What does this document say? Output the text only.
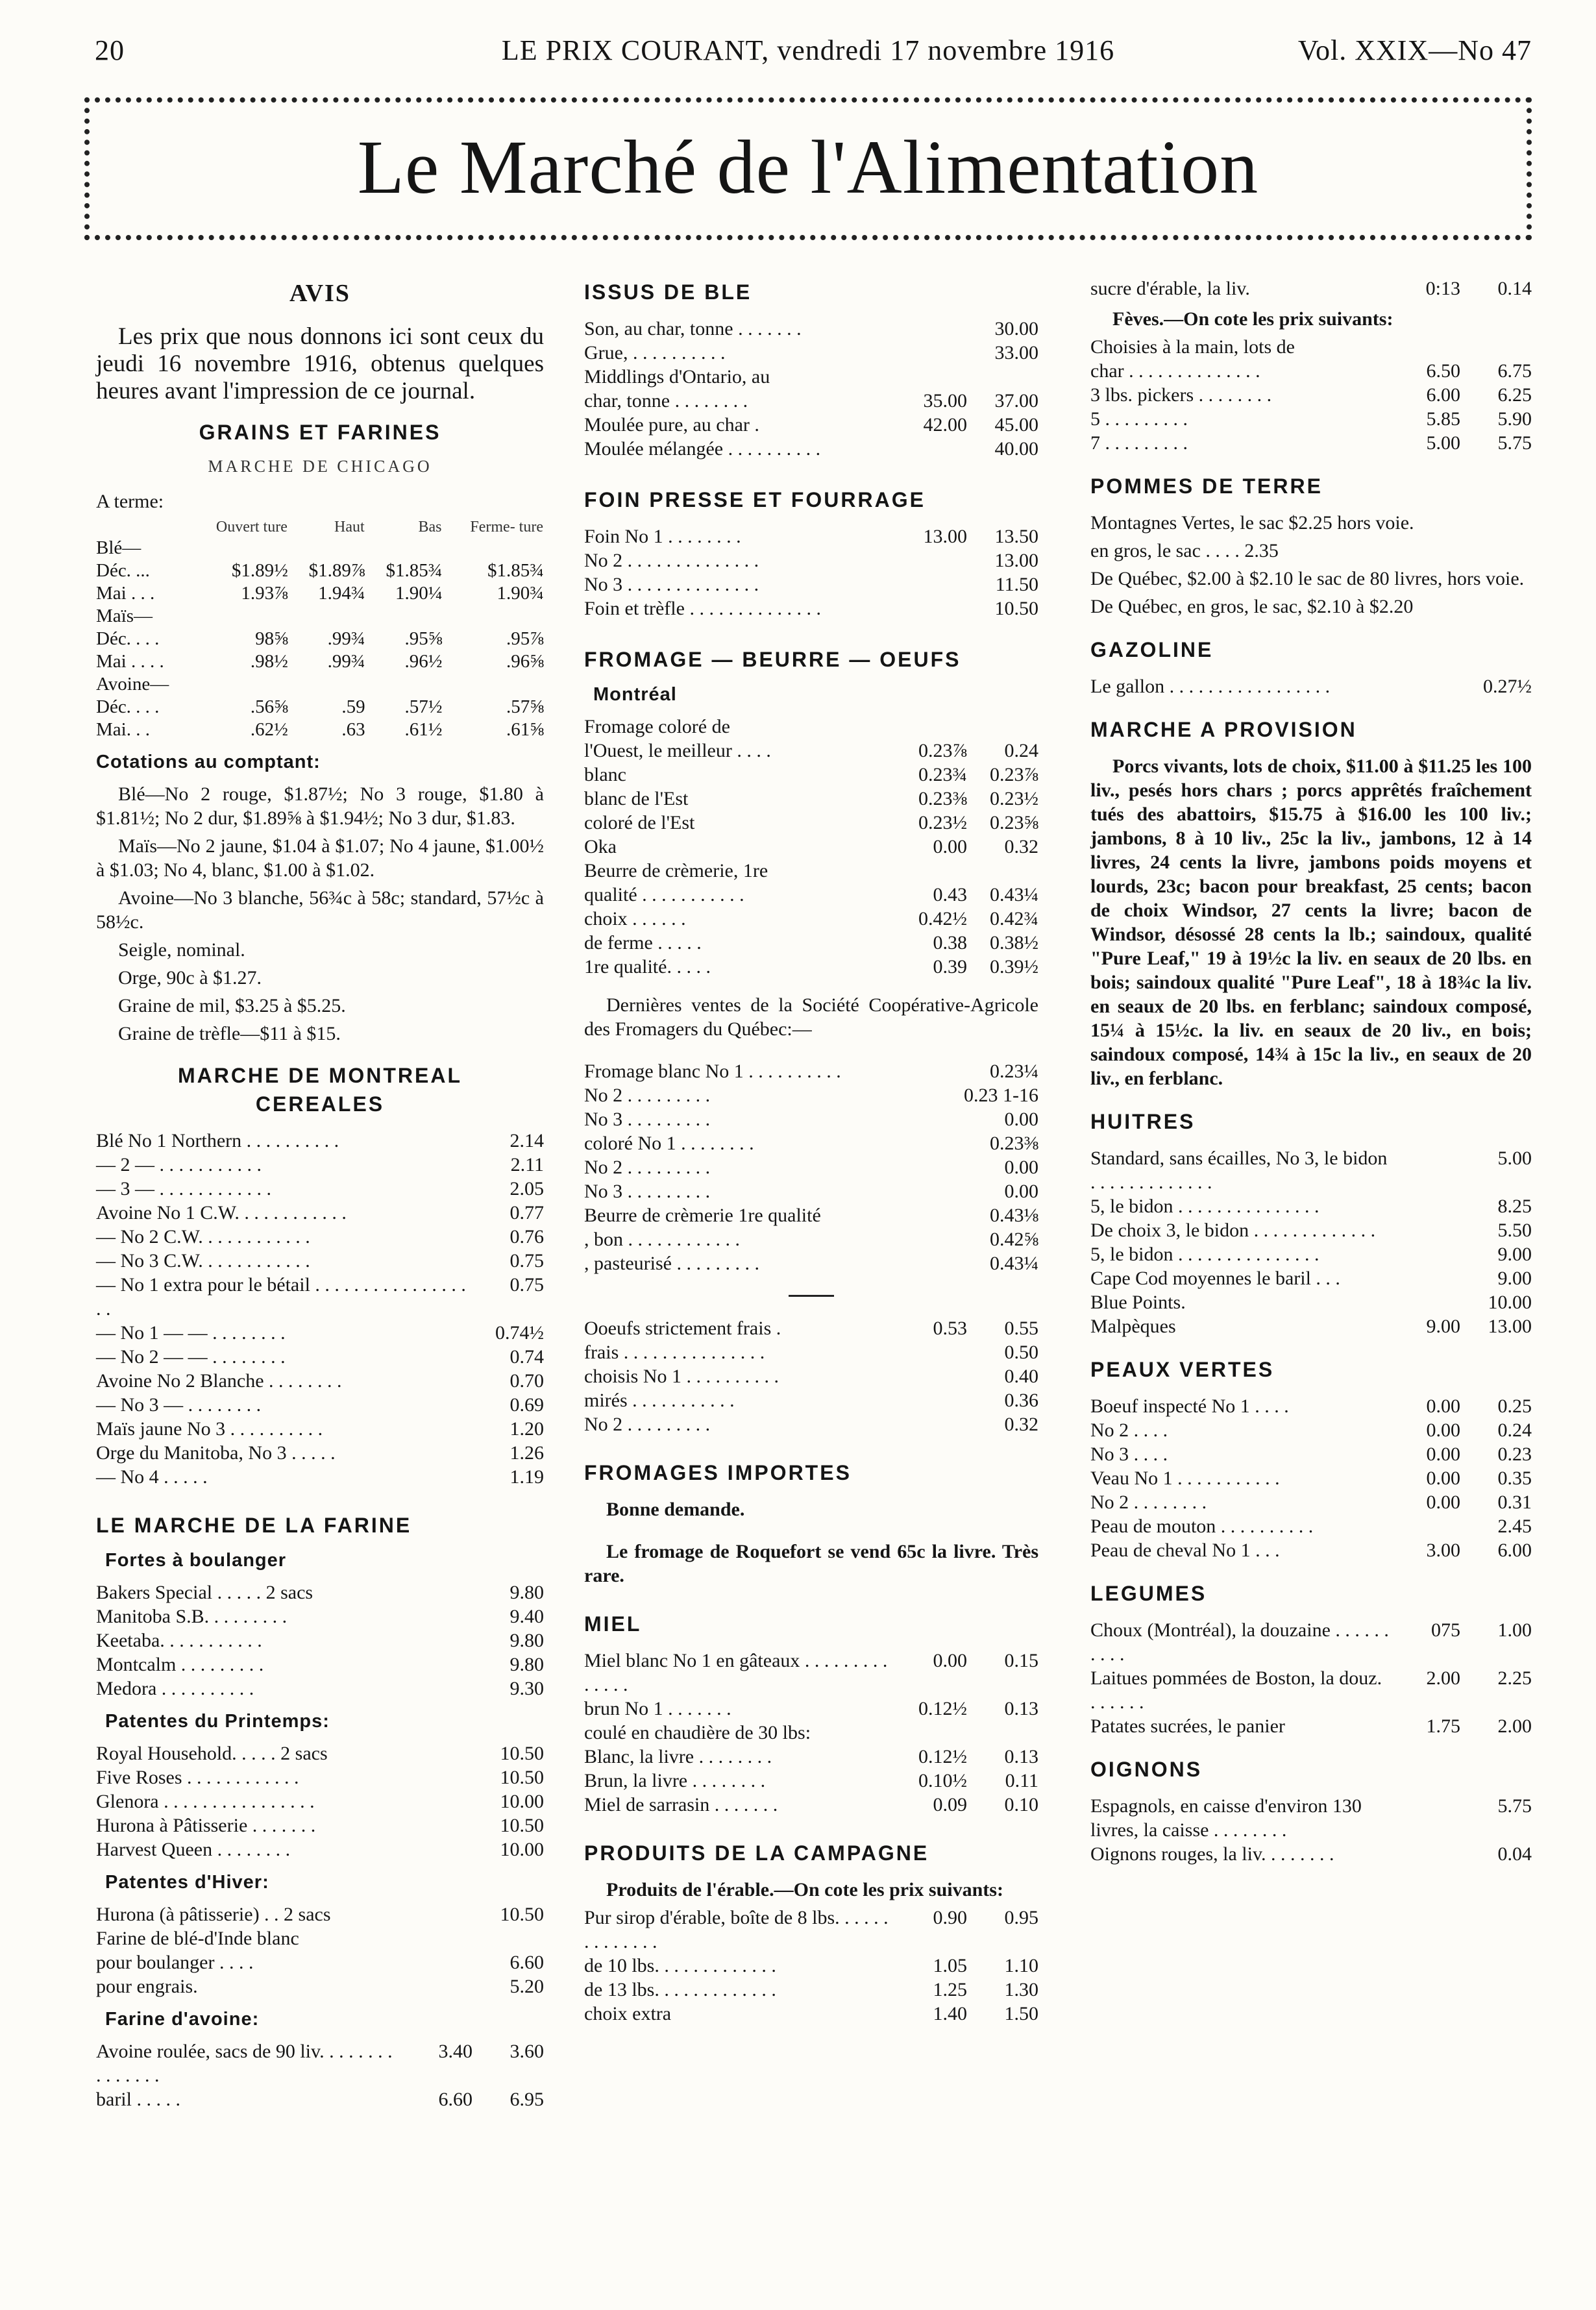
20	LE PRIX COURANT, vendredi 17 novembre 1916	Vol. XXIX—No 47
Le Marché de l'Alimentation
AVIS

Les prix que nous donnons ici sont ceux du jeudi 16 novembre 1916, obtenus quelques heures avant l'impression de ce journal.

GRAINS ET FARINES
MARCHE DE CHICAGO
A terme:
	Ouvert ture	Haut	Bas	Ferme- ture
Blé—				
Déc. ...	$1.89½	$1.89⅞	$1.85¾	$1.85¾
Mai . . .	1.93⅞	1.94¾	1.90¼	1.90¾
Maïs—				
Déc. . . .	98⅝	.99¾	.95⅝	.95⅞
Mai . . . .	.98½	.99¾	.96½	.96⅝
Avoine—				
Déc. . . .	.56⅝	.59	.57½	.57⅝
Mai. . .	.62½	.63	.61½	.61⅝
Cotations au comptant:

Blé—No 2 rouge, $1.87½; No 3 rouge, $1.80 à $1.81½; No 2 dur, $1.89⅝ à $1.94½; No 3 dur, $1.83.

Maïs—No 2 jaune, $1.04 à $1.07; No 4 jaune, $1.00½ à $1.03; No 4, blanc, $1.00 à $1.02.

Avoine—No 3 blanche, 56¾c à 58c; standard, 57½c à 58½c.

Seigle, nominal.

Orge, 90c à $1.27.

Graine de mil, $3.25 à $5.25.

Graine de trèfle—$11 à $15.

MARCHE DE MONTREAL
CEREALES
Blé No 1 Northern . . . . . . . . . .	2.14
— 2 — . . . . . . . . . . .	2.11
— 3 — . . . . . . . . . . . .	2.05
Avoine No 1 C.W. . . . . . . . . . . .	0.77
— No 2 C.W. . . . . . . . . . . .	0.76
— No 3 C.W. . . . . . . . . . . .	0.75
— No 1 extra pour le bétail . . . . . . . . . . . . . . . . . .	0.75
— No 1 — — . . . . . . . .	0.74½
— No 2 — — . . . . . . . .	0.74
Avoine No 2 Blanche . . . . . . . .	0.70
— No 3 — . . . . . . . .	0.69
Maïs jaune No 3 . . . . . . . . . .	1.20
Orge du Manitoba, No 3 . . . . .	1.26
— No 4 . . . . .	1.19
LE MARCHE DE LA FARINE
Fortes à boulanger
Bakers Special . . . . . 2 sacs	9.80
Manitoba S.B. . . . . . . . .	9.40
Keetaba. . . . . . . . . . .	9.80
Montcalm . . . . . . . . .	9.80
Medora . . . . . . . . . .	9.30
Patentes du Printemps:
Royal Household. . . . . 2 sacs	10.50
Five Roses . . . . . . . . . . . .	10.50
Glenora . . . . . . . . . . . . . . . .	10.00
Hurona à Pâtisserie . . . . . . .	10.50
Harvest Queen . . . . . . . .	10.00
Patentes d'Hiver:
Hurona (à pâtisserie) . . 2 sacs	10.50
Farine de blé-d'Inde blanc	
pour boulanger . . . .	6.60
pour engrais.	5.20
Farine d'avoine:
Avoine roulée, sacs de 90 liv. . . . . . . . . . . . . . .	3.40	3.60
baril . . . . .	6.60	6.95
ISSUS DE BLE
Son, au char, tonne . . . . . . .		30.00
Grue, . . . . . . . . . .		33.00
Middlings d'Ontario, au		
char, tonne . . . . . . . .	35.00	37.00
Moulée pure, au char .	42.00	45.00
Moulée mélangée . . . . . . . . . .		40.00
FOIN PRESSE ET FOURRAGE
Foin No 1 . . . . . . . .	13.00	13.50
No 2 . . . . . . . . . . . . . .		13.00
No 3 . . . . . . . . . . . . . .		11.50
Foin et trèfle . . . . . . . . . . . . . .		10.50
FROMAGE — BEURRE — OEUFS
Montréal
Fromage coloré de		
l'Ouest, le meilleur . . . .	0.23⅞	0.24
blanc	0.23¾	0.23⅞
blanc de l'Est	0.23⅜	0.23½
coloré de l'Est	0.23½	0.23⅝
Oka	0.00	0.32
Beurre de crèmerie, 1re		
qualité . . . . . . . . . . .	0.43	0.43¼
choix . . . . . .	0.42½	0.42¾
de ferme . . . . .	0.38	0.38½
1re qualité. . . . .	0.39	0.39½

Dernières ventes de la Société Coopérative-Agricole des Fromagers du Québec:—

Fromage blanc No 1 . . . . . . . . . .	0.23¼
No 2 . . . . . . . . .	0.23 1-16
No 3 . . . . . . . . .	0.00
coloré No 1 . . . . . . . .	0.23⅜
No 2 . . . . . . . . .	0.00
No 3 . . . . . . . . .	0.00
Beurre de crèmerie 1re qualité	0.43⅛
, bon . . . . . . . . . . . .	0.42⅝
, pasteurisé . . . . . . . . .	0.43¼
Ooeufs strictement frais .	0.53	0.55
frais . . . . . . . . . . . . . . .		0.50
choisis No 1 . . . . . . . . . .		0.40
mirés . . . . . . . . . . .		0.36
No 2 . . . . . . . . .		0.32
FROMAGES IMPORTES

Bonne demande.

Le fromage de Roquefort se vend 65c la livre. Très rare.

MIEL
Miel blanc No 1 en gâteaux . . . . . . . . . . . . . .	0.00	0.15
brun No 1 . . . . . . .	0.12½	0.13
coulé en chaudière de 30 lbs:		
Blanc, la livre . . . . . . . .	0.12½	0.13
Brun, la livre . . . . . . . .	0.10½	0.11
Miel de sarrasin . . . . . . .	0.09	0.10
PRODUITS DE LA CAMPAGNE

Produits de l'érable.—On cote les prix suivants:

Pur sirop d'érable, boîte de 8 lbs. . . . . . . . . . . . . .	0.90	0.95
de 10 lbs. . . . . . . . . . . . .	1.05	1.10
de 13 lbs. . . . . . . . . . . . .	1.25	1.30
choix extra	1.40	1.50
sucre d'érable, la liv.	0:13	0.14

Fèves.—On cote les prix suivants:

Choisies à la main, lots de		
char . . . . . . . . . . . . . .	6.50	6.75
3 lbs. pickers . . . . . . . .	6.00	6.25
5 . . . . . . . . .	5.85	5.90
7 . . . . . . . . .	5.00	5.75
POMMES DE TERRE

Montagnes Vertes, le sac $2.25 hors voie.

en gros, le sac . . . . 2.35

De Québec, $2.00 à $2.10 le sac de 80 livres, hors voie.

De Québec, en gros, le sac, $2.10 à $2.20

GAZOLINE
Le gallon . . . . . . . . . . . . . . . . .	0.27½
MARCHE A PROVISION

Porcs vivants, lots de choix, $11.00 à $11.25 les 100 liv., pesés hors chars ; porcs apprêtés fraîchement tués des abattoirs, $15.75 à $16.00 les 100 liv.; jambons, 8 à 10 liv., 25c la liv., jambons, 12 à 14 livres, 24 cents la livre, jambons poids moyens et lourds, 23c; bacon pour breakfast, 25 cents; bacon de choix Windsor, 27 cents la livre; bacon de Windsor, désossé 28 cents la lb.; saindoux, qualité "Pure Leaf," 19 à 19½c la liv. en seaux de 20 lbs. en bois; saindoux qualité "Pure Leaf", 18 à 18¾c la liv. en seaux de 20 lbs. en ferblanc; saindoux composé, 15¼ à 15½c. la liv. en seaux de 20 liv., en bois; saindoux composé, 14¾ à 15c la liv., en seaux de 20 liv., en ferblanc.

HUITRES
Standard, sans écailles, No 3, le bidon . . . . . . . . . . . . .		5.00
5, le bidon . . . . . . . . . . . . . . .		8.25
De choix 3, le bidon . . . . . . . . . . . . .		5.50
5, le bidon . . . . . . . . . . . . . . .		9.00
Cape Cod moyennes le baril . . .		9.00
Blue Points.		10.00
Malpèques	9.00	13.00
PEAUX VERTES
Boeuf inspecté No 1 . . . .	0.00	0.25
No 2 . . . .	0.00	0.24
No 3 . . . .	0.00	0.23
Veau No 1 . . . . . . . . . . .	0.00	0.35
No 2 . . . . . . . .	0.00	0.31
Peau de mouton . . . . . . . . . .		2.45
Peau de cheval No 1 . . .	3.00	6.00
LEGUMES
Choux (Montréal), la douzaine . . . . . . . . . .	075	1.00
Laitues pommées de Boston, la douz. . . . . . .	2.00	2.25
Patates sucrées, le panier	1.75	2.00
OIGNONS
Espagnols, en caisse d'environ 130 livres, la caisse . . . . . . . .		5.75
Oignons rouges, la liv. . . . . . . .		0.04
